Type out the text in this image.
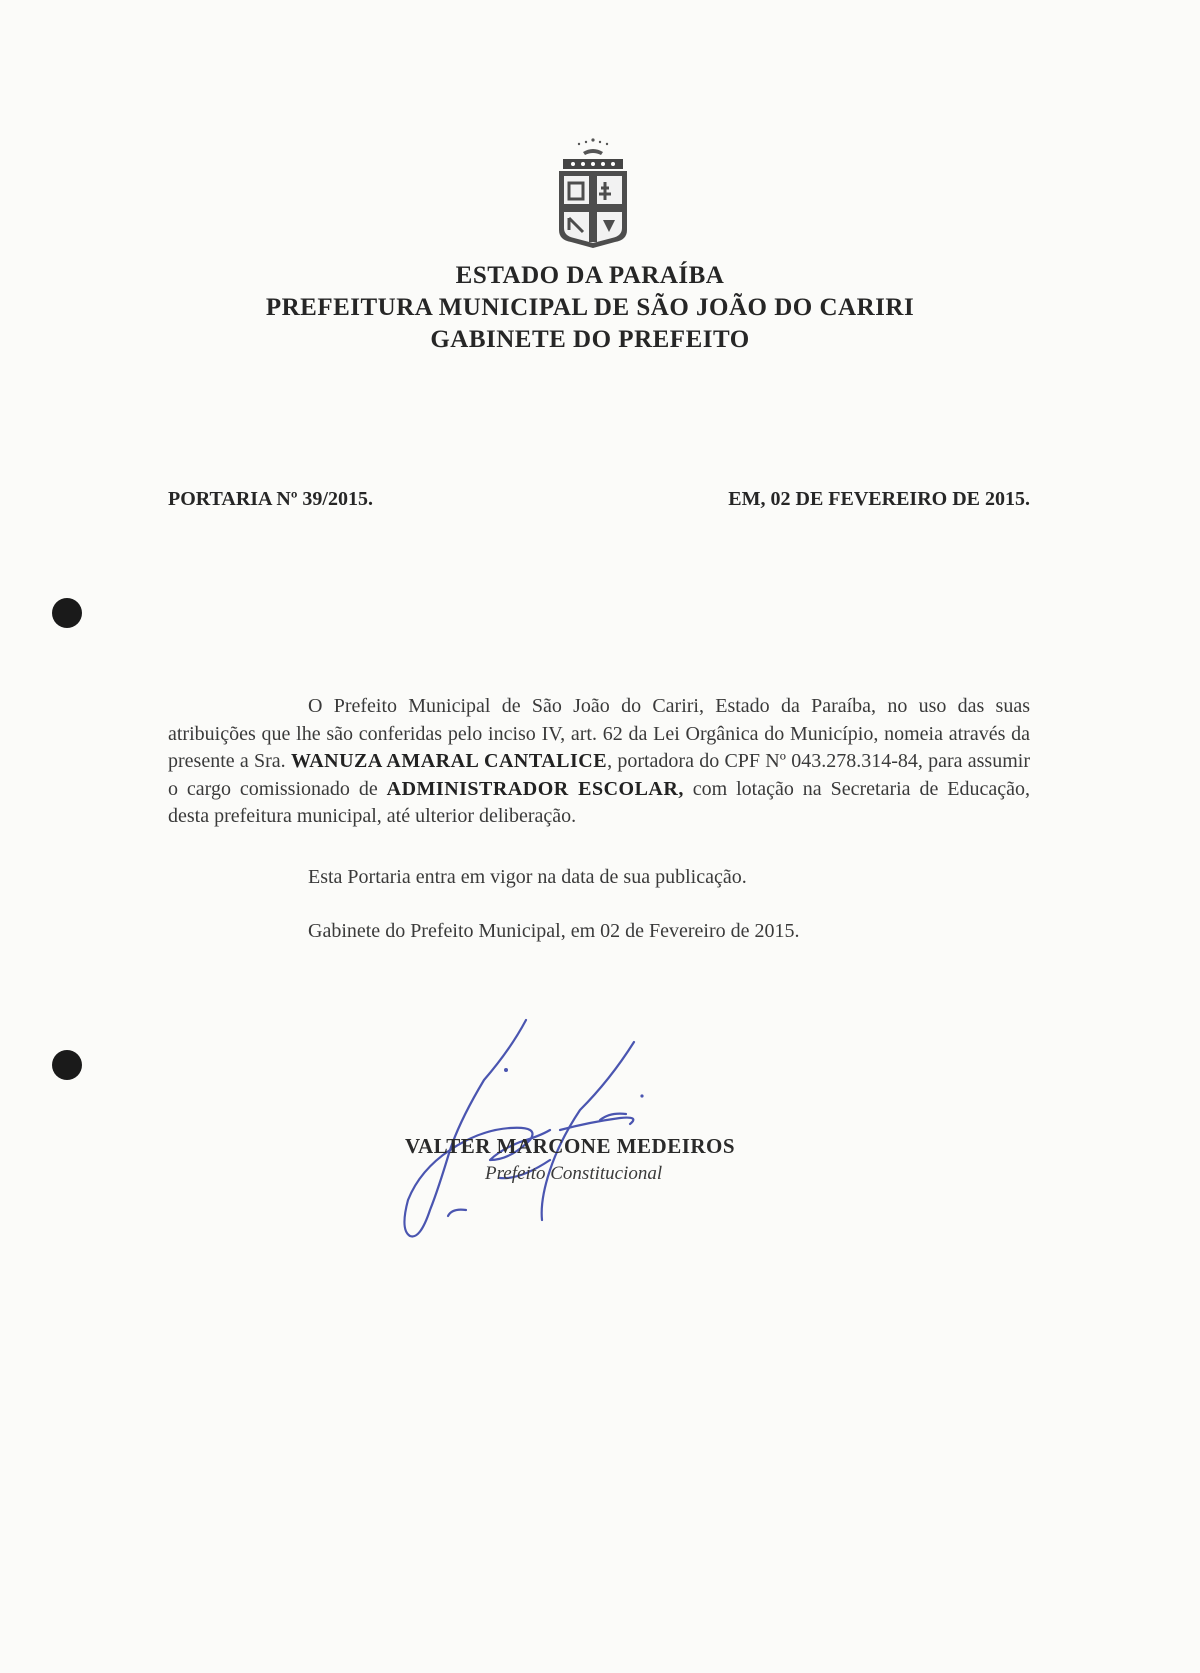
ESTADO DA PARAÍBA
PREFEITURA MUNICIPAL DE SÃO JOÃO DO CARIRI
GABINETE DO PREFEITO
PORTARIA Nº 39/2015.	EM, 02 DE FEVEREIRO DE 2015.

O Prefeito Municipal de São João do Cariri, Estado da Paraíba, no uso das suas atribuições que lhe são conferidas pelo inciso IV, art. 62 da Lei Orgânica do Município, nomeia através da presente a Sra. WANUZA AMARAL CANTALICE, portadora do CPF Nº 043.278.314-84, para assumir o cargo comissionado de ADMINISTRADOR ESCOLAR, com lotação na Secretaria de Educação, desta prefeitura municipal, até ulterior deliberação.

Esta Portaria entra em vigor na data de sua publicação.
Gabinete do Prefeito Municipal, em 02 de Fevereiro de 2015.
VALTER MARCONE MEDEIROS
Prefeito Constitucional
